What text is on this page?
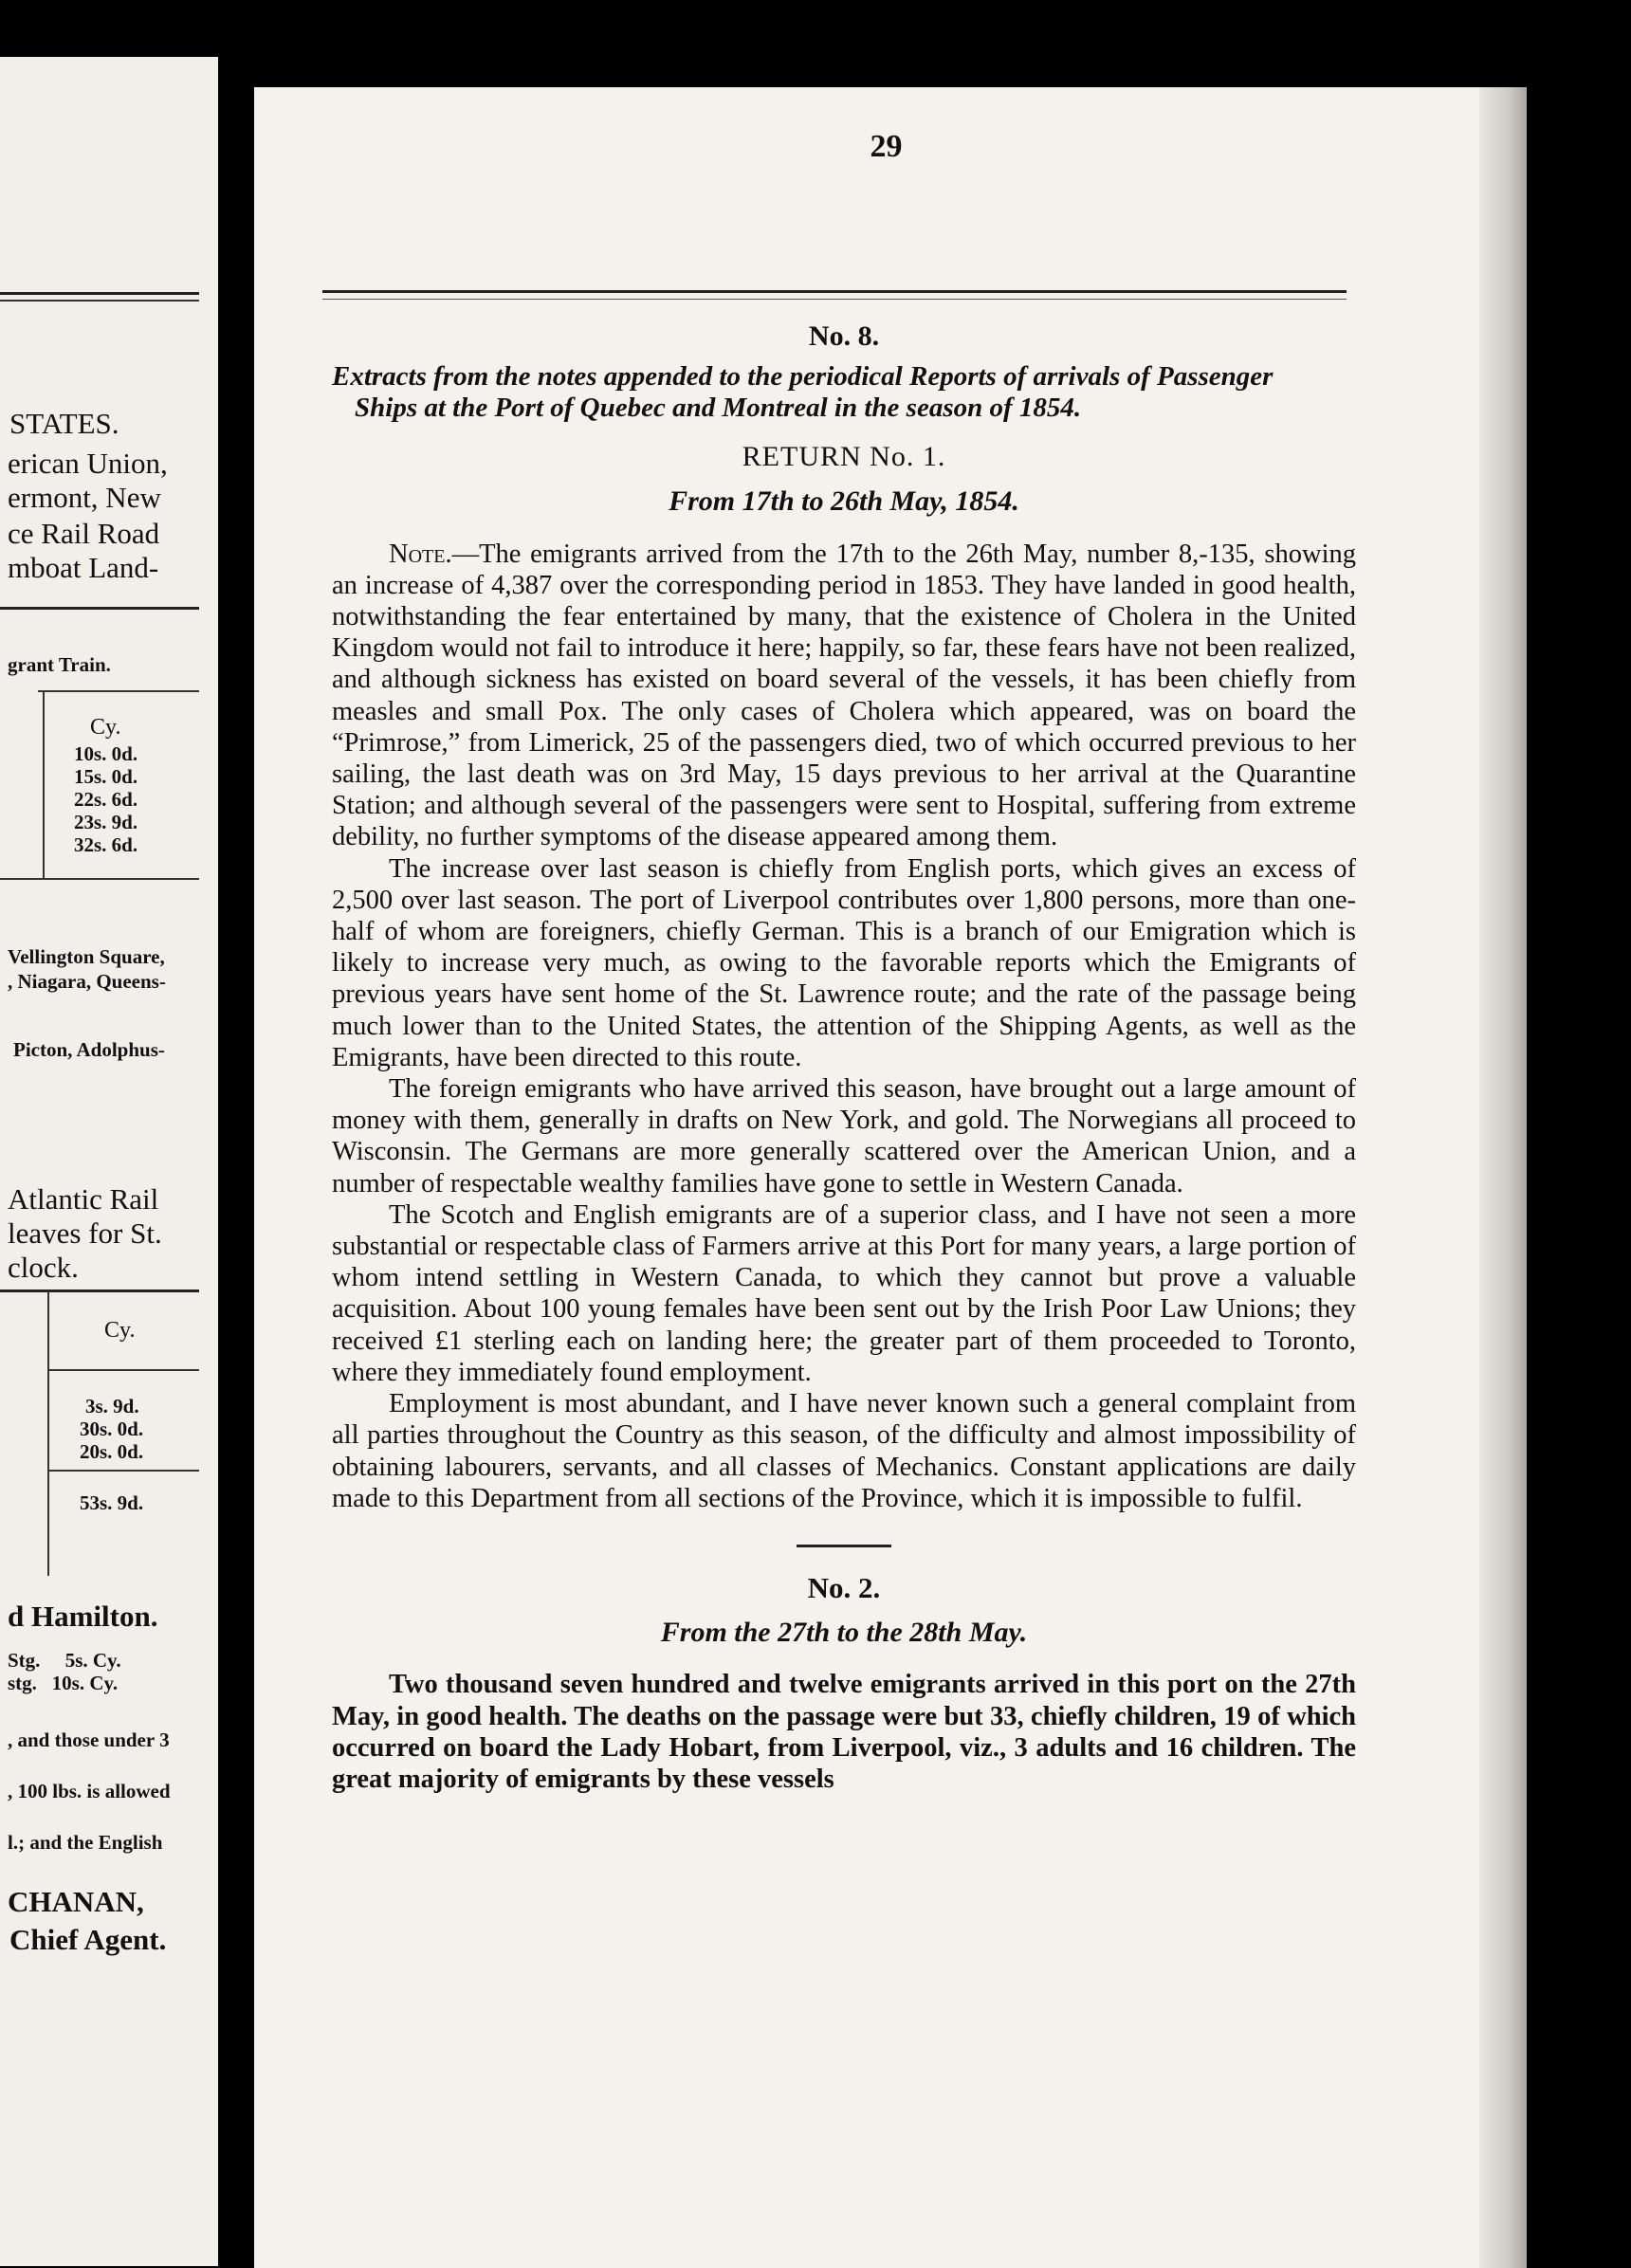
STATES.
erican Union,
ermont, New
ce Rail Road
mboat Land-
grant Train.
Cy.
10s. 0d.
15s. 0d.
22s. 6d.
23s. 9d.
32s. 6d.
Vellington Square,
, Niagara, Queens-
Picton, Adolphus-
Atlantic Rail
leaves for St.
clock.
Cy.
3s. 9d.
30s. 0d.
20s. 0d.
53s. 9d.
d Hamilton.
Stg. 5s. Cy.
stg. 10s. Cy.
, and those under 3
, 100 lbs. is allowed
l.; and the English
CHANAN,
Chief Agent.
29

No. 8.

Extracts from the notes appended to the periodical Reports of arrivals of Passenger
Ships at the Port of Quebec and Montreal in the season of 1854.

RETURN No. 1.

From 17th to 26th May, 1854.

Note.—The emigrants arrived from the 17th to the 26th May, number 8,-135, showing an increase of 4,387 over the corresponding period in 1853. They have landed in good health, notwithstanding the fear entertained by many, that the existence of Cholera in the United Kingdom would not fail to introduce it here; happily, so far, these fears have not been realized, and although sickness has existed on board several of the vessels, it has been chiefly from measles and small Pox. The only cases of Cholera which appeared, was on board the “Primrose,” from Limerick, 25 of the passengers died, two of which occurred previous to her sailing, the last death was on 3rd May, 15 days previous to her arrival at the Quarantine Station; and although several of the passengers were sent to Hospital, suffering from extreme debility, no further symptoms of the disease appeared among them.

The increase over last season is chiefly from English ports, which gives an excess of 2,500 over last season. The port of Liverpool contributes over 1,800 persons, more than one-half of whom are foreigners, chiefly German. This is a branch of our Emigration which is likely to increase very much, as owing to the favorable reports which the Emigrants of previous years have sent home of the St. Lawrence route; and the rate of the passage being much lower than to the United States, the attention of the Shipping Agents, as well as the Emigrants, have been directed to this route.

The foreign emigrants who have arrived this season, have brought out a large amount of money with them, generally in drafts on New York, and gold. The Norwegians all proceed to Wisconsin. The Germans are more generally scattered over the American Union, and a number of respectable wealthy families have gone to settle in Western Canada.

The Scotch and English emigrants are of a superior class, and I have not seen a more substantial or respectable class of Farmers arrive at this Port for many years, a large portion of whom intend settling in Western Canada, to which they cannot but prove a valuable acquisition. About 100 young females have been sent out by the Irish Poor Law Unions; they received £1 sterling each on landing here; the greater part of them proceeded to Toronto, where they immediately found employment.

Employment is most abundant, and I have never known such a general complaint from all parties throughout the Country as this season, of the difficulty and almost impossibility of obtaining labourers, servants, and all classes of Mechanics. Constant applications are daily made to this Department from all sections of the Province, which it is impossible to fulfil.

No. 2.

From the 27th to the 28th May.

Two thousand seven hundred and twelve emigrants arrived in this port on the 27th May, in good health. The deaths on the passage were but 33, chiefly children, 19 of which occurred on board the Lady Hobart, from Liverpool, viz., 3 adults and 16 children. The great majority of emigrants by these vessels
